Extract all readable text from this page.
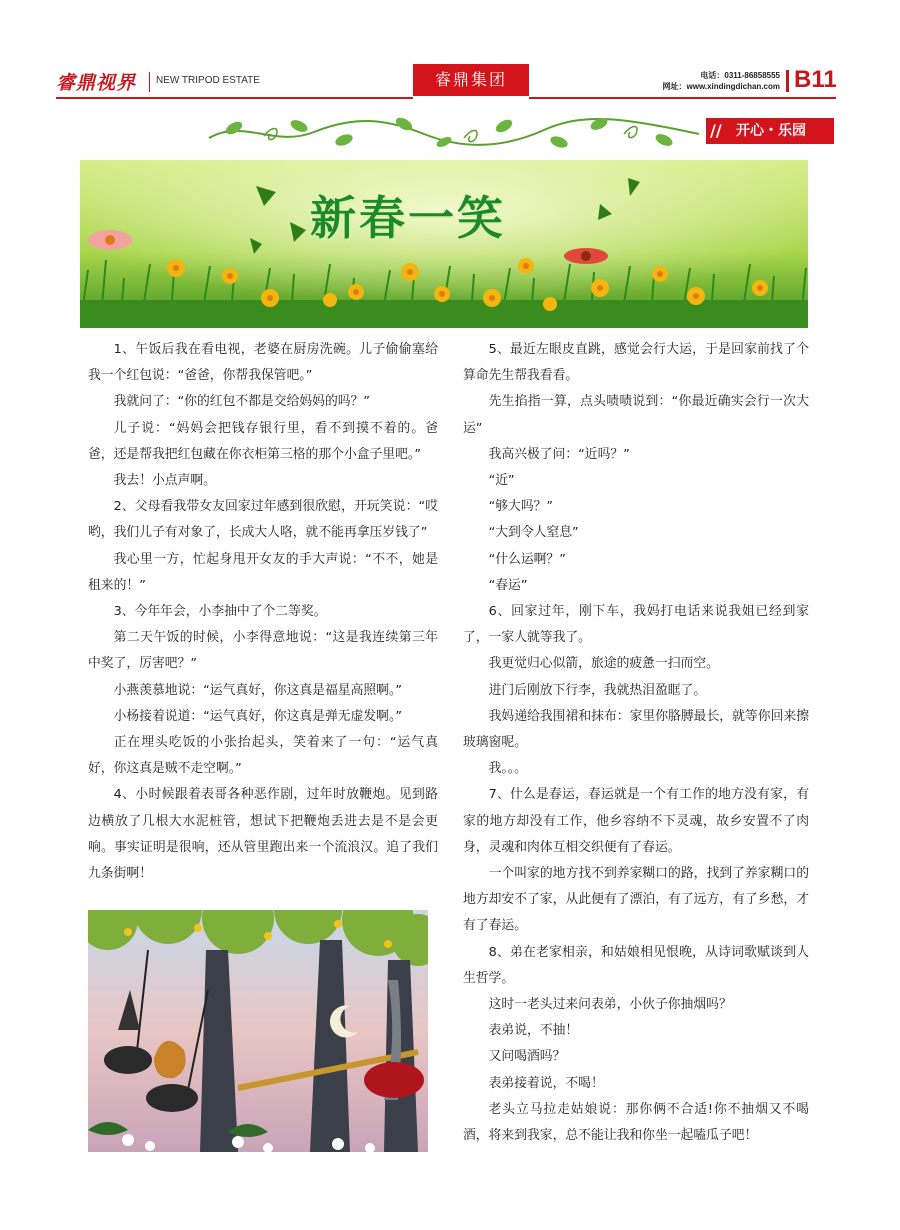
睿鼎视界 NEW TRIPOD ESTATE	睿鼎集团	电话：0311-86858555
网址：www.xindingdichan.com B11
// 开心・乐园
新春一笑

1、午饭后我在看电视，老婆在厨房洗碗。儿子偷偷塞给我一个红包说：“爸爸，你帮我保管吧。”

我就问了：“你的红包不都是交给妈妈的吗？”

儿子说：“妈妈会把钱存银行里，看不到摸不着的。爸爸，还是帮我把红包藏在你衣柜第三格的那个小盒子里吧。”

我去！小点声啊。

2、父母看我带女友回家过年感到很欣慰，开玩笑说：“哎哟，我们儿子有对象了，长成大人咯，就不能再拿压岁钱了”

我心里一方，忙起身甩开女友的手大声说：“不不，她是租来的！”

3、今年年会，小李抽中了个二等奖。

第二天午饭的时候，小李得意地说：“这是我连续第三年中奖了，厉害吧？”

小燕羡慕地说：“运气真好，你这真是福星高照啊。”

小杨接着说道：“运气真好，你这真是弹无虚发啊。”

正在埋头吃饭的小张抬起头，笑着来了一句：“运气真好，你这真是贼不走空啊。”

4、小时候跟着表哥各种恶作剧，过年时放鞭炮。见到路边横放了几根大水泥桩管，想试下把鞭炮丢进去是不是会更响。事实证明是很响，还从管里跑出来一个流浪汉。追了我们九条街啊！

5、最近左眼皮直跳，感觉会行大运，于是回家前找了个算命先生帮我看看。

先生掐指一算，点头啧啧说到：“你最近确实会行一次大运”

我高兴极了问：“近吗？”

“近”

“够大吗？”

“大到令人窒息”

“什么运啊？”

“春运”

6、回家过年，刚下车，我妈打电话来说我姐已经到家了，一家人就等我了。

我更觉归心似箭，旅途的疲惫一扫而空。

进门后刚放下行李，我就热泪盈眶了。

我妈递给我围裙和抹布：家里你胳膊最长，就等你回来擦玻璃窗呢。

我。。。

7、什么是春运，春运就是一个有工作的地方没有家，有家的地方却没有工作，他乡容纳不下灵魂，故乡安置不了肉身，灵魂和肉体互相交织便有了春运。

一个叫家的地方找不到养家糊口的路，找到了养家糊口的地方却安不了家，从此便有了漂泊，有了远方，有了乡愁，才有了春运。

8、弟在老家相亲，和姑娘相见恨晚，从诗词歌赋谈到人生哲学。

这时一老头过来问表弟，小伙子你抽烟吗？

表弟说，不抽！

又问喝酒吗？

表弟接着说，不喝！

老头立马拉走姑娘说：那你俩不合适!你不抽烟又不喝酒，将来到我家，总不能让我和你坐一起嗑瓜子吧！
